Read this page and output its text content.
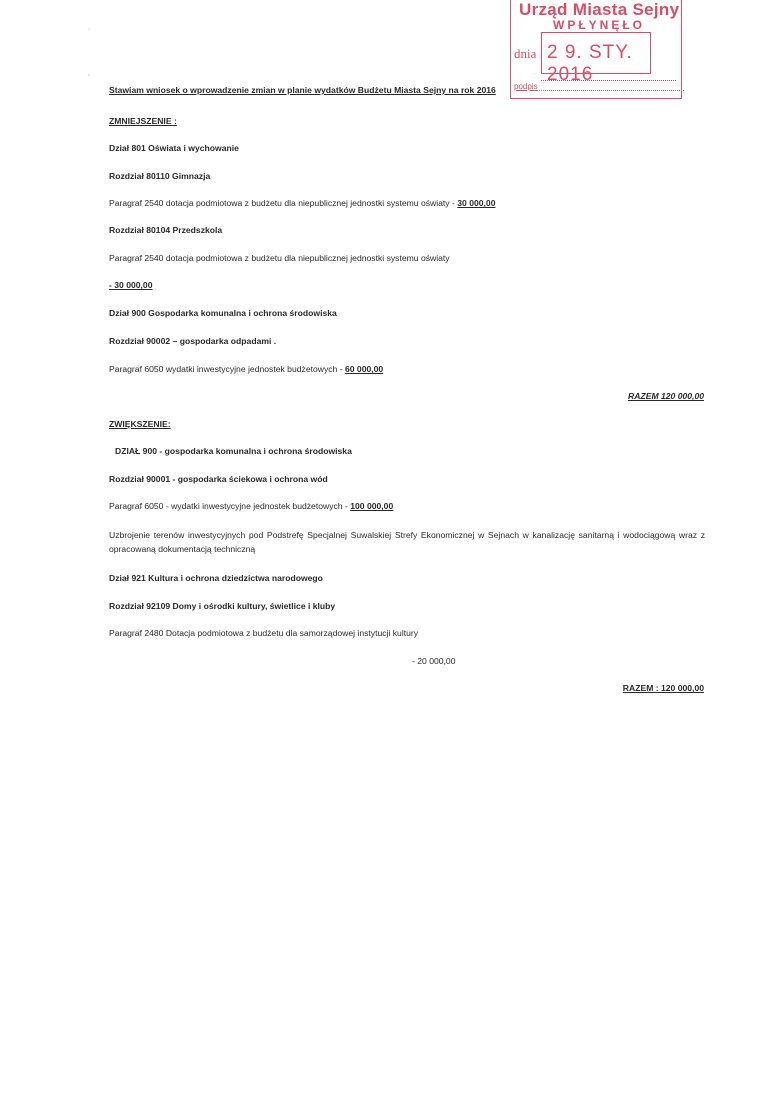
Urząd Miasta Sejny
WPŁYNĘŁO
dnia 2 9. STY. 2016
podpis
·
,
Stawiam wniosek o wprowadzenie zmian w planie wydatków Budżetu Miasta Sejny na rok 2016
ZMNIEJSZENIE :
Dział 801 Oświata i wychowanie
Rozdział 80110 Gimnazja
Paragraf 2540 dotacja podmiotowa z budżetu dla niepublicznej jednostki systemu oświaty - 30 000,00
Rozdział 80104 Przedszkola
Paragraf 2540 dotacja podmiotowa z budżetu dla niepublicznej jednostki systemu oświaty
- 30 000,00
Dział 900 Gospodarka komunalna i ochrona środowiska
Rozdział 90002 – gospodarka odpadami .
Paragraf 6050 wydatki inwestycyjne jednostek budżetowych - 60 000,00
RAZEM 120 000,00
ZWIĘKSZENIE:
DZIAŁ 900 - gospodarka komunalna i ochrona środowiska
Rozdział 90001 - gospodarka ściekowa i ochrona wód
Paragraf 6050 - wydatki inwestycyjne jednostek budżetowych - 100 000,00
Uzbrojenie terenów inwestycyjnych pod Podstrefę Specjalnej Suwalskiej Strefy Ekonomicznej w Sejnach w kanalizację sanitarną i wodociągową wraz z opracowaną dokumentacją techniczną
Dział 921 Kultura i ochrona dziedzictwa narodowego
Rozdział 92109 Domy i ośrodki kultury, świetlice i kluby
Paragraf 2480 Dotacja podmiotowa z budżetu dla samorządowej instytucji kultury
- 20 000,00
RAZEM : 120 000,00
